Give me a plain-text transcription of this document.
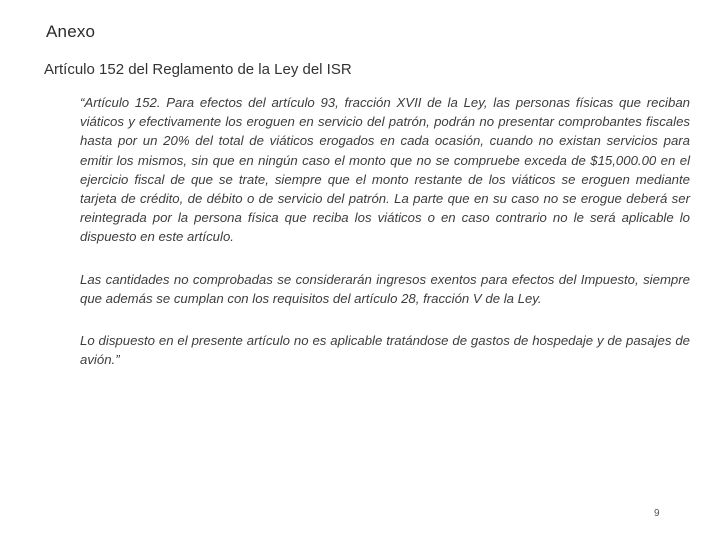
Anexo
Artículo 152 del Reglamento de la Ley del ISR

“Artículo 152. Para efectos del artículo 93, fracción XVII de la Ley, las personas físicas que reciban viáticos y efectivamente los eroguen en servicio del patrón, podrán no presentar comprobantes fiscales hasta por un 20% del total de viáticos erogados en cada ocasión, cuando no existan servicios para emitir los mismos, sin que en ningún caso el monto que no se compruebe exceda de $15,000.00 en el ejercicio fiscal de que se trate, siempre que el monto restante de los viáticos se eroguen mediante tarjeta de crédito, de débito o de servicio del patrón. La parte que en su caso no se erogue deberá ser reintegrada por la persona física que reciba los viáticos o en caso contrario no le será aplicable lo dispuesto en este artículo.

Las cantidades no comprobadas se considerarán ingresos exentos para efectos del Impuesto, siempre que además se cumplan con los requisitos del artículo 28, fracción V de la Ley.

Lo dispuesto en el presente artículo no es aplicable tratándose de gastos de hospedaje y de pasajes de avión.”

9
